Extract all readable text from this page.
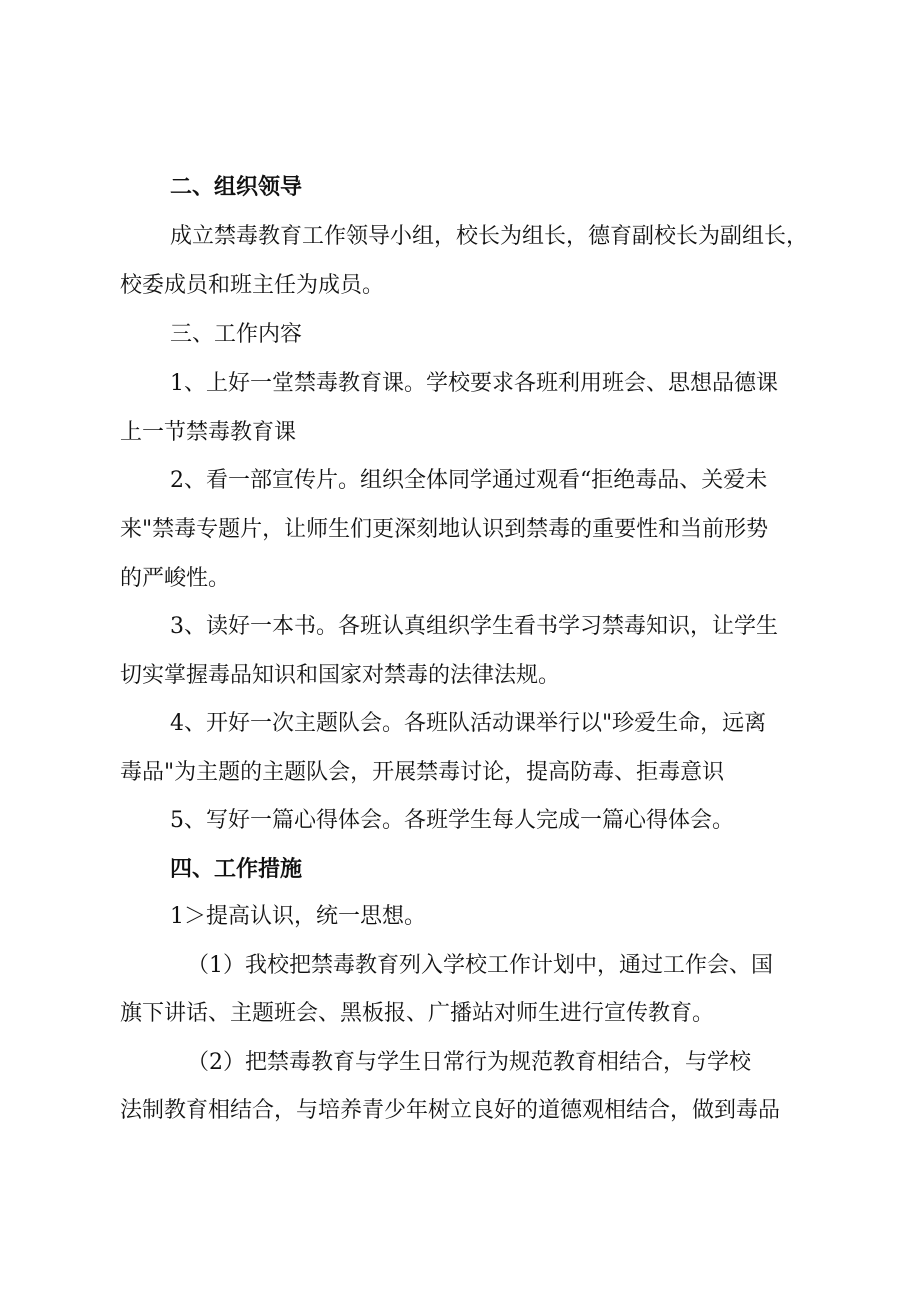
二、组织领导
成立禁毒教育工作领导小组，校长为组长，德育副校长为副组长，
校委成员和班主任为成员。
三、工作内容
1、上好一堂禁毒教育课。学校要求各班利用班会、思想品德课
上一节禁毒教育课
2、看一部宣传片。组织全体同学通过观看“拒绝毒品、关爱未
来"禁毒专题片，让师生们更深刻地认识到禁毒的重要性和当前形势
的严峻性。
3、读好一本书。各班认真组织学生看书学习禁毒知识，让学生
切实掌握毒品知识和国家对禁毒的法律法规。
4、开好一次主题队会。各班队活动课举行以"珍爱生命，远离
毒品"为主题的主题队会，开展禁毒讨论，提高防毒、拒毒意识
5、写好一篇心得体会。各班学生每人完成一篇心得体会。
四、工作措施
1＞提高认识，统一思想。
（1）我校把禁毒教育列入学校工作计划中，通过工作会、国
旗下讲话、主题班会、黑板报、广播站对师生进行宣传教育。
（2）把禁毒教育与学生日常行为规范教育相结合，与学校
法制教育相结合，与培养青少年树立良好的道德观相结合，做到毒品
